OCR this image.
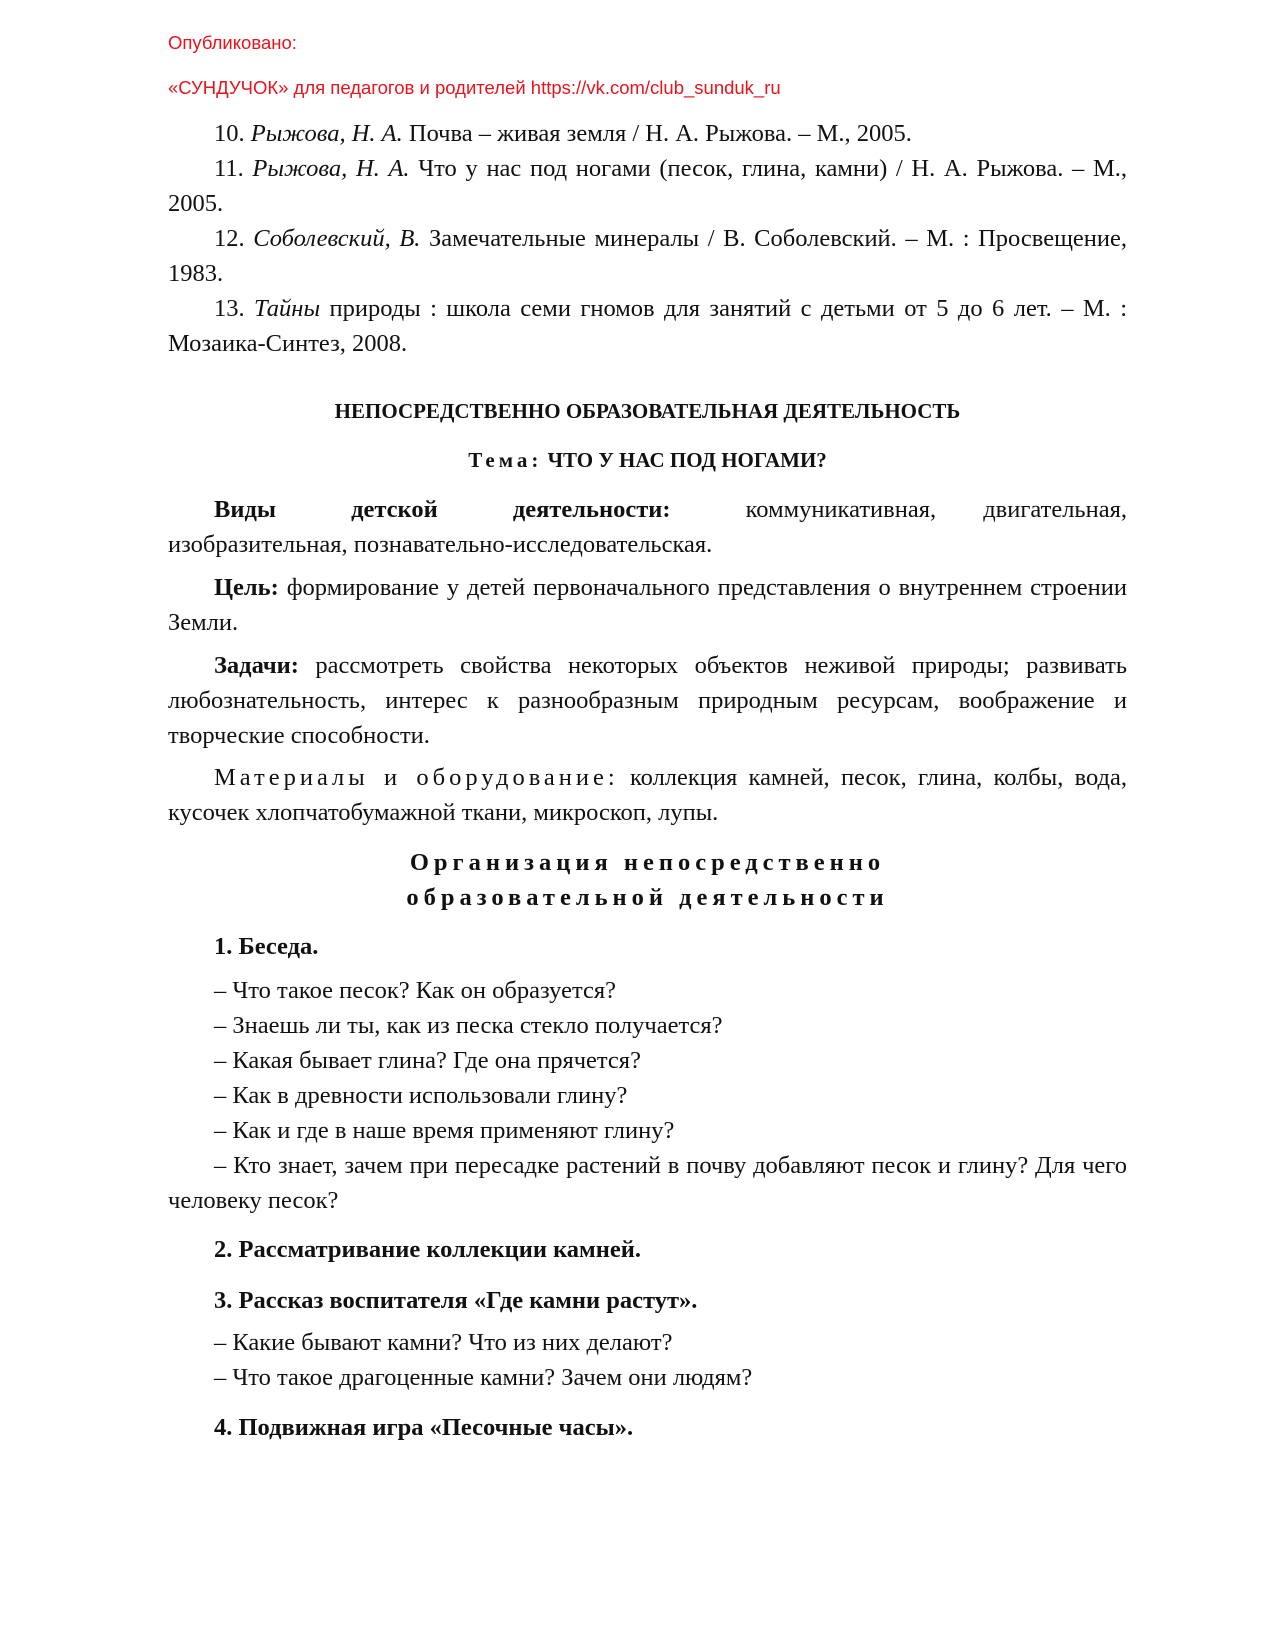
Опубликовано:
«СУНДУЧОК» для педагогов и родителей https://vk.com/club_sunduk_ru
10. Рыжова, Н. А. Почва – живая земля / Н. А. Рыжова. – М., 2005.
11. Рыжова, Н. А. Что у нас под ногами (песок, глина, камни) / Н. А. Рыжова. – М., 2005.
12. Соболевский, В. Замечательные минералы / В. Соболевский. – М. : Просвещение, 1983.
13. Тайны природы : школа семи гномов для занятий с детьми от 5 до 6 лет. – М. : Мозаика-Синтез, 2008.
НЕПОСРЕДСТВЕННО ОБРАЗОВАТЕЛЬНАЯ ДЕЯТЕЛЬНОСТЬ
Тема: ЧТО У НАС ПОД НОГАМИ?
Виды детской деятельности:	коммуникативная, двигательная, изобразительная, познавательно-исследовательская.
Цель: формирование у детей первоначального представления о внутреннем строении Земли.
Задачи: рассмотреть свойства некоторых объектов неживой природы; развивать любознательность, интерес к разнообразным природным ресурсам, воображение и творческие способности.
Материалы и оборудование: коллекция камней, песок, глина, колбы, вода, кусочек хлопчатобумажной ткани, микроскоп, лупы.
Организация непосредственно
образовательной деятельности
1. Беседа.
– Что такое песок? Как он образуется?
– Знаешь ли ты, как из песка стекло получается?
– Какая бывает глина? Где она прячется?
– Как в древности использовали глину?
– Как и где в наше время применяют глину?
– Кто знает, зачем при пересадке растений в почву добавляют песок и глину? Для чего человеку песок?
2. Рассматривание коллекции камней.
3. Рассказ воспитателя «Где камни растут».
– Какие бывают камни? Что из них делают?
– Что такое драгоценные камни? Зачем они людям?
4. Подвижная игра «Песочные часы».
